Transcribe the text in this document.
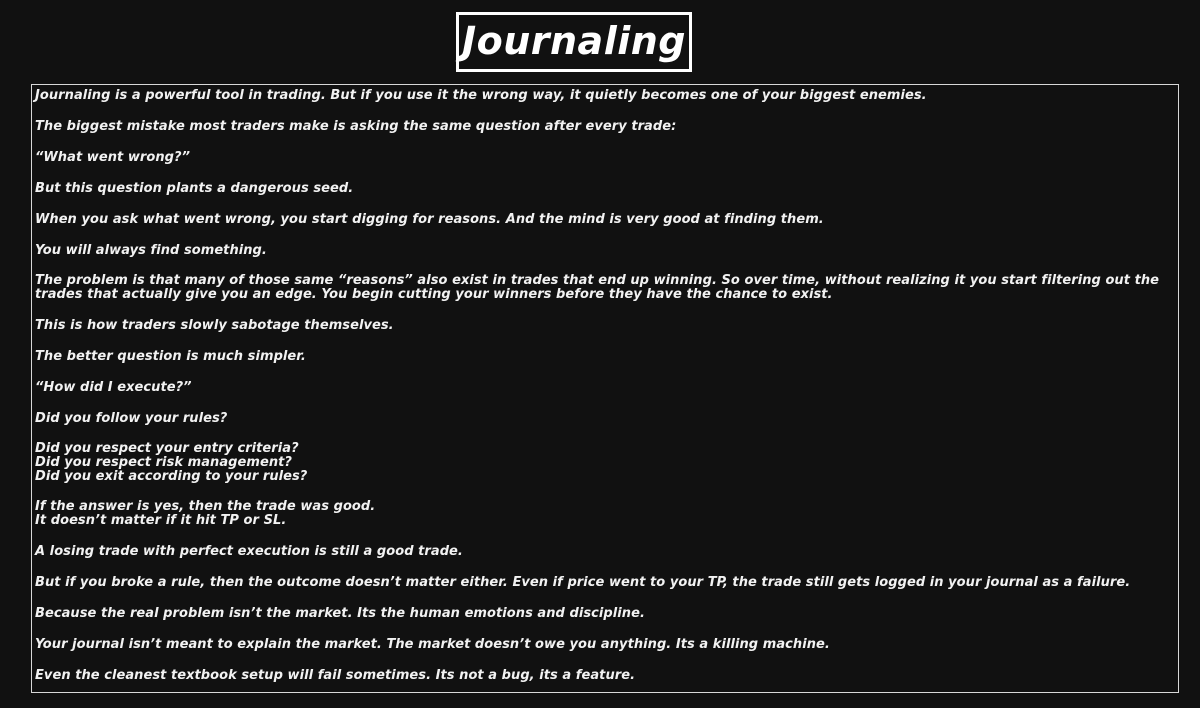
Journaling

Journaling is a powerful tool in trading. But if you use it the wrong way, it quietly becomes one of your biggest enemies.

The biggest mistake most traders make is asking the same question after every trade:

“What went wrong?”

But this question plants a dangerous seed.

When you ask what went wrong, you start digging for reasons. And the mind is very good at finding them.

You will always find something.

The problem is that many of those same “reasons” also exist in trades that end up winning. So over time, without realizing it you start filtering out the trades that actually give you an edge. You begin cutting your winners before they have the chance to exist.

This is how traders slowly sabotage themselves.

The better question is much simpler.

“How did I execute?”

Did you follow your rules?

Did you respect your entry criteria?
Did you respect risk management?
Did you exit according to your rules?

If the answer is yes, then the trade was good.
It doesn’t matter if it hit TP or SL.

A losing trade with perfect execution is still a good trade.

But if you broke a rule, then the outcome doesn’t matter either. Even if price went to your TP, the trade still gets logged in your journal as a failure.

Because the real problem isn’t the market. Its the human emotions and discipline.

Your journal isn’t meant to explain the market. The market doesn’t owe you anything. Its a killing machine.

Even the cleanest textbook setup will fail sometimes. Its not a bug, its a feature.
